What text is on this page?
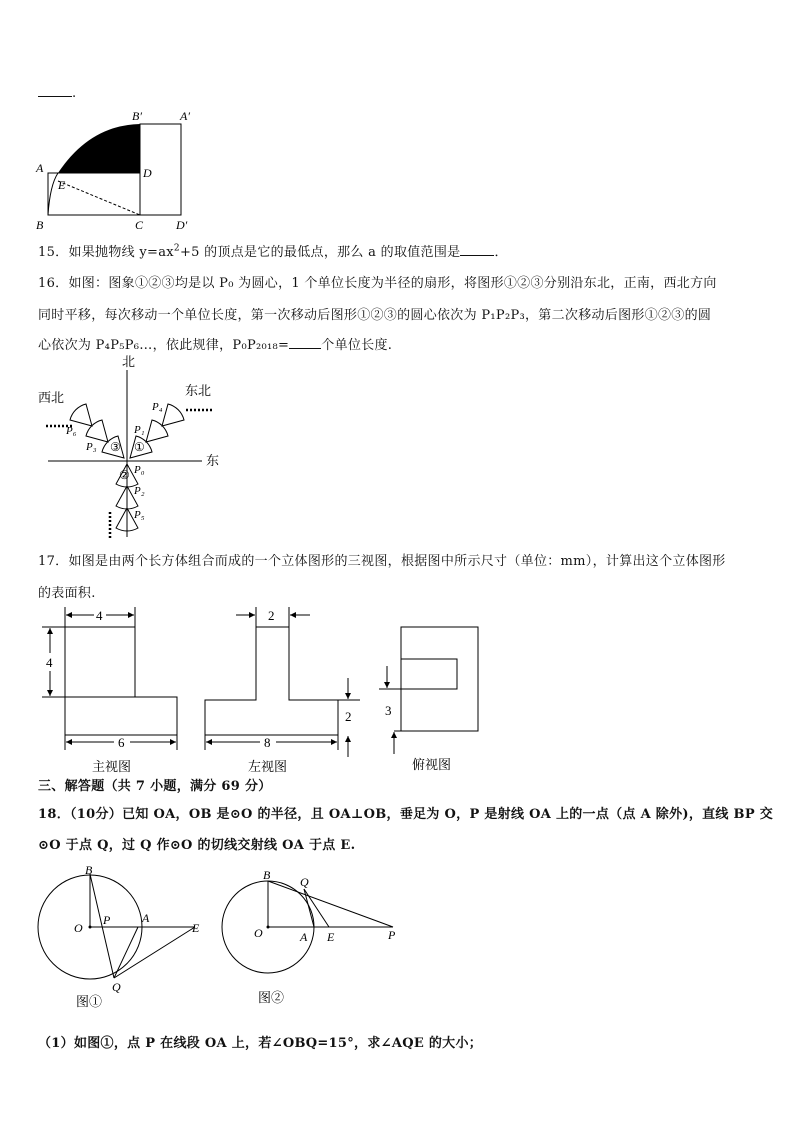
.
B′	A′
A	D
E
B	C	D′
15．如果抛物线 $y=ax^2+5$ 的顶点是它的最低点，那么 a 的取值范围是	．
16．如图：图象①②③均是以 P₀ 为圆心，1 个单位长度为半径的扇形，将图形①②③分别沿东北，正南，西北方向
同时平移，每次移动一个单位长度，第一次移动后图形①②③的圆心依次为 P₁P₂P₃，第二次移动后图形①②③的圆
心依次为 P₄P₅P₆…，依此规律，P₀P₂₀₁₈= 个单位长度.
北
东
东北
西北
P₁
P₄
P₆
P₃	①
③
② P₀
P₂
P₅
17．如图是由两个长方体组合而成的一个立体图形的三视图，根据图中所示尺寸（单位：mm），计算出这个立体图形
的表面积.
4
4
6
主视图
2
2
8
左视图
3
俯视图
三、解答题（共 7 小题，满分 69 分）
18．（10分）已知 OA，OB 是⊙O 的半径，且 OA⊥OB，垂足为 O，P 是射线 OA 上的一点（点 A 除外)，直线 BP 交
⊙O 于点 Q，过 Q 作⊙O 的切线交射线 OA 于点 E.
B
O
P	A
E
Q
图①
B Q
O	A E	P
图②
（1）如图①，点 P 在线段 OA 上，若∠OBQ=15°，求∠AQE 的大小；
